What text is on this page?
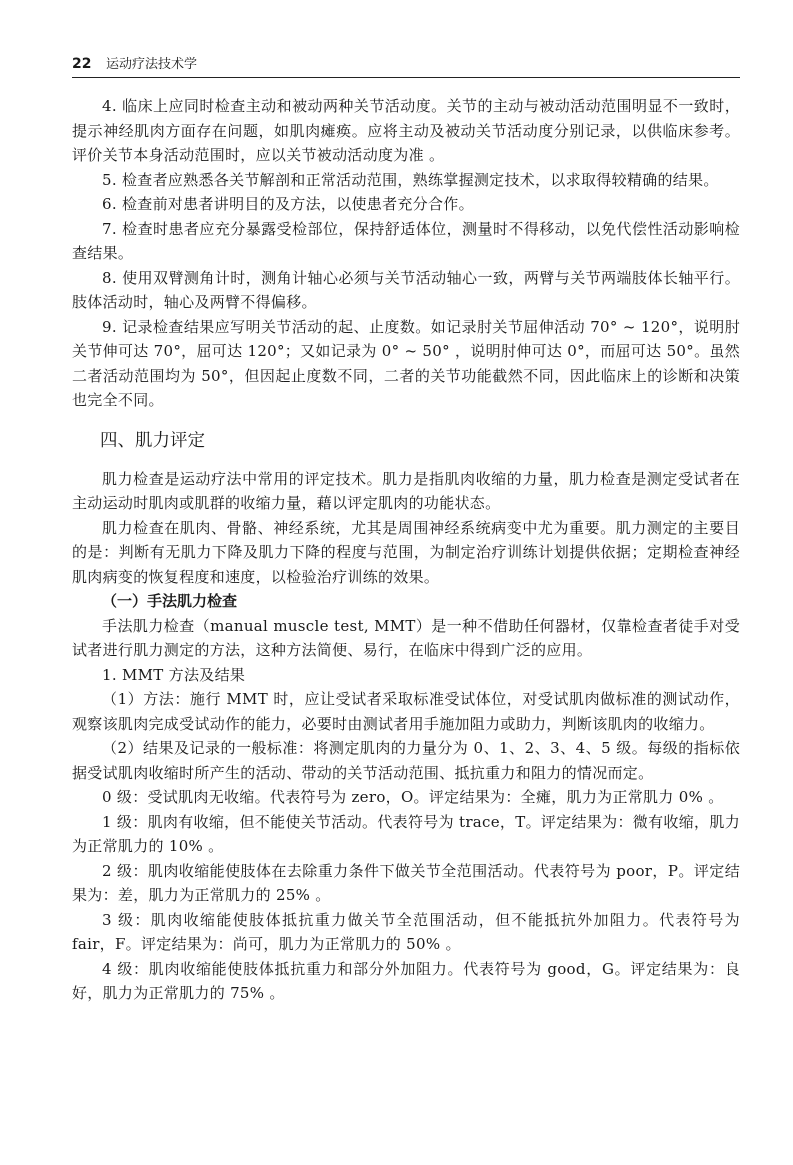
22 运动疗法技术学

4. 临床上应同时检查主动和被动两种关节活动度。关节的主动与被动活动范围明显不一致时，提示神经肌肉方面存在问题，如肌肉瘫痪。应将主动及被动关节活动度分别记录，以供临床参考。评价关节本身活动范围时，应以关节被动活动度为准 。

5. 检查者应熟悉各关节解剖和正常活动范围，熟练掌握测定技术，以求取得较精确的结果。

6. 检查前对患者讲明目的及方法，以使患者充分合作。

7. 检查时患者应充分暴露受检部位，保持舒适体位，测量时不得移动，以免代偿性活动影响检查结果。

8. 使用双臂测角计时，测角计轴心必须与关节活动轴心一致，两臂与关节两端肢体长轴平行。肢体活动时，轴心及两臂不得偏移。

9. 记录检查结果应写明关节活动的起、止度数。如记录肘关节屈伸活动 70° ~ 120°，说明肘关节伸可达 70°，屈可达 120°；又如记录为 0° ~ 50° ，说明肘伸可达 0°，而屈可达 50°。虽然二者活动范围均为 50°，但因起止度数不同，二者的关节功能截然不同，因此临床上的诊断和决策也完全不同。

四、肌力评定

肌力检查是运动疗法中常用的评定技术。肌力是指肌肉收缩的力量，肌力检查是测定受试者在主动运动时肌肉或肌群的收缩力量，藉以评定肌肉的功能状态。

肌力检查在肌肉、骨骼、神经系统，尤其是周围神经系统病变中尤为重要。肌力测定的主要目的是：判断有无肌力下降及肌力下降的程度与范围，为制定治疗训练计划提供依据；定期检查神经肌肉病变的恢复程度和速度，以检验治疗训练的效果。

（一）手法肌力检查

手法肌力检查（manual muscle test, MMT）是一种不借助任何器材，仅靠检查者徒手对受试者进行肌力测定的方法，这种方法简便、易行，在临床中得到广泛的应用。

1. MMT 方法及结果

（1）方法：施行 MMT 时，应让受试者采取标准受试体位，对受试肌肉做标准的测试动作，观察该肌肉完成受试动作的能力，必要时由测试者用手施加阻力或助力，判断该肌肉的收缩力。

（2）结果及记录的一般标准：将测定肌肉的力量分为 0、1、2、3、4、5 级。每级的指标依据受试肌肉收缩时所产生的活动、带动的关节活动范围、抵抗重力和阻力的情况而定。

0 级：受试肌肉无收缩。代表符号为 zero，O。评定结果为：全瘫，肌力为正常肌力 0% 。

1 级：肌肉有收缩，但不能使关节活动。代表符号为 trace，T。评定结果为：微有收缩，肌力为正常肌力的 10% 。

2 级：肌肉收缩能使肢体在去除重力条件下做关节全范围活动。代表符号为 poor，P。评定结果为：差，肌力为正常肌力的 25% 。

3 级：肌肉收缩能使肢体抵抗重力做关节全范围活动，但不能抵抗外加阻力。代表符号为 fair，F。评定结果为：尚可，肌力为正常肌力的 50% 。

4 级：肌肉收缩能使肢体抵抗重力和部分外加阻力。代表符号为 good，G。评定结果为：良好，肌力为正常肌力的 75% 。
